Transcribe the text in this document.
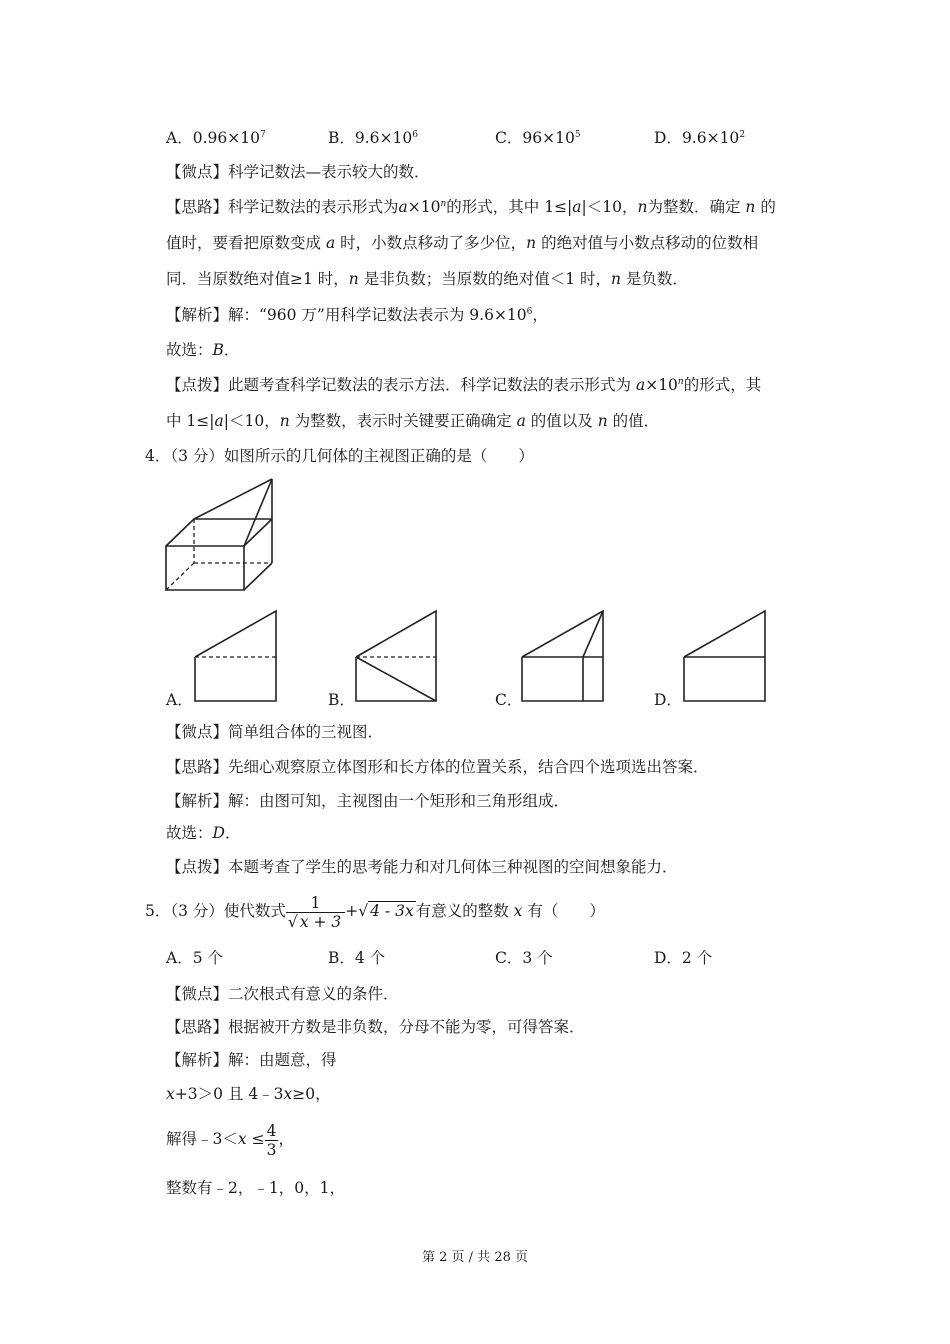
A．$0.96\times 10^7$	B．$9.6\times 10^6$	C．$96\times 10^5$	D．$9.6\times 10^2$
【微点】科学记数法—表示较大的数．
【思路】科学记数法的表示形式为$a\times 10^n$的形式，其中 1≤|a|＜10，n为整数．确定 n 的
值时，要看把原数变成 a 时，小数点移动了多少位，n 的绝对值与小数点移动的位数相
同．当原数绝对值≥1 时，n 是非负数；当原数的绝对值＜1 时，n 是负数．
【解析】解：“960 万”用科学记数法表示为 $9.6\times 10^6$，
故选：B．
【点拨】此题考查科学记数法的表示方法．科学记数法的表示形式为 $a\times 10^n$的形式，其
中 1≤|a|＜10，n 为整数，表示时关键要正确确定 a 的值以及 n 的值．
4．（3 分）如图所示的几何体的主视图正确的是（　　）
A．	B．	C．	D．
【微点】简单组合体的三视图．
【思路】先细心观察原立体图形和长方体的位置关系，结合四个选项选出答案．
【解析】解：由图可知，主视图由一个矩形和三角形组成．
故选：D．
【点拨】本题考查了学生的思考能力和对几何体三种视图的空间想象能力．
5．（3 分）使代数式 $\frac{1}{√ x + 3}$ +√ 4 - 3x 有意义的整数 x 有（　　）
A．5 个	B．4 个	C．3 个	D．2 个
【微点】二次根式有意义的条件．
【思路】根据被开方数是非负数，分母不能为零，可得答案．
【解析】解：由题意，得
x+3＞0 且 4﹣3x≥0，
解得﹣3＜x ≤ $\frac{4}{3}$ ，
整数有﹣2，﹣1，0，1，
第 2 页 / 共 28 页
